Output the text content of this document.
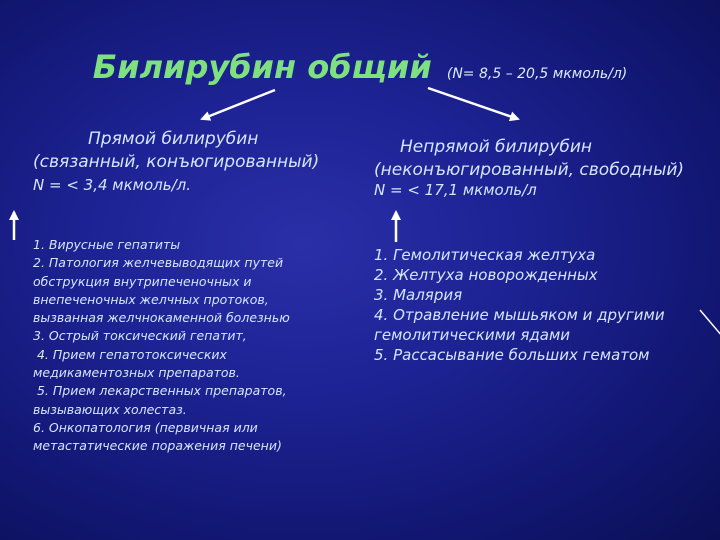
Билирубин общий (N= 8,5 – 20,5 мкмоль/л)
Прямой билирубин
(связанный, конъюгированный)
N = < 3,4 мкмоль/л.
Непрямой билирубин
(неконъюгированный, свободный)
N = < 17,1 мкмоль/л
1. Вирусные гепатиты
2. Патология желчевыводящих путей
обструкция внутрипеченочных и
внепеченочных желчных протоков,
вызванная желчнокаменной болезнью
3. Острый токсический гепатит,
4. Прием гепатотоксических
медикаментозных препаратов.
5. Прием лекарственных препаратов,
вызывающих холестаз.
6. Онкопатология (первичная или
метастатические поражения печени)
1. Гемолитическая желтуха
2. Желтуха новорожденных
3. Малярия
4. Отравление мышьяком и другими
гемолитическими ядами
5. Рассасывание больших гематом
